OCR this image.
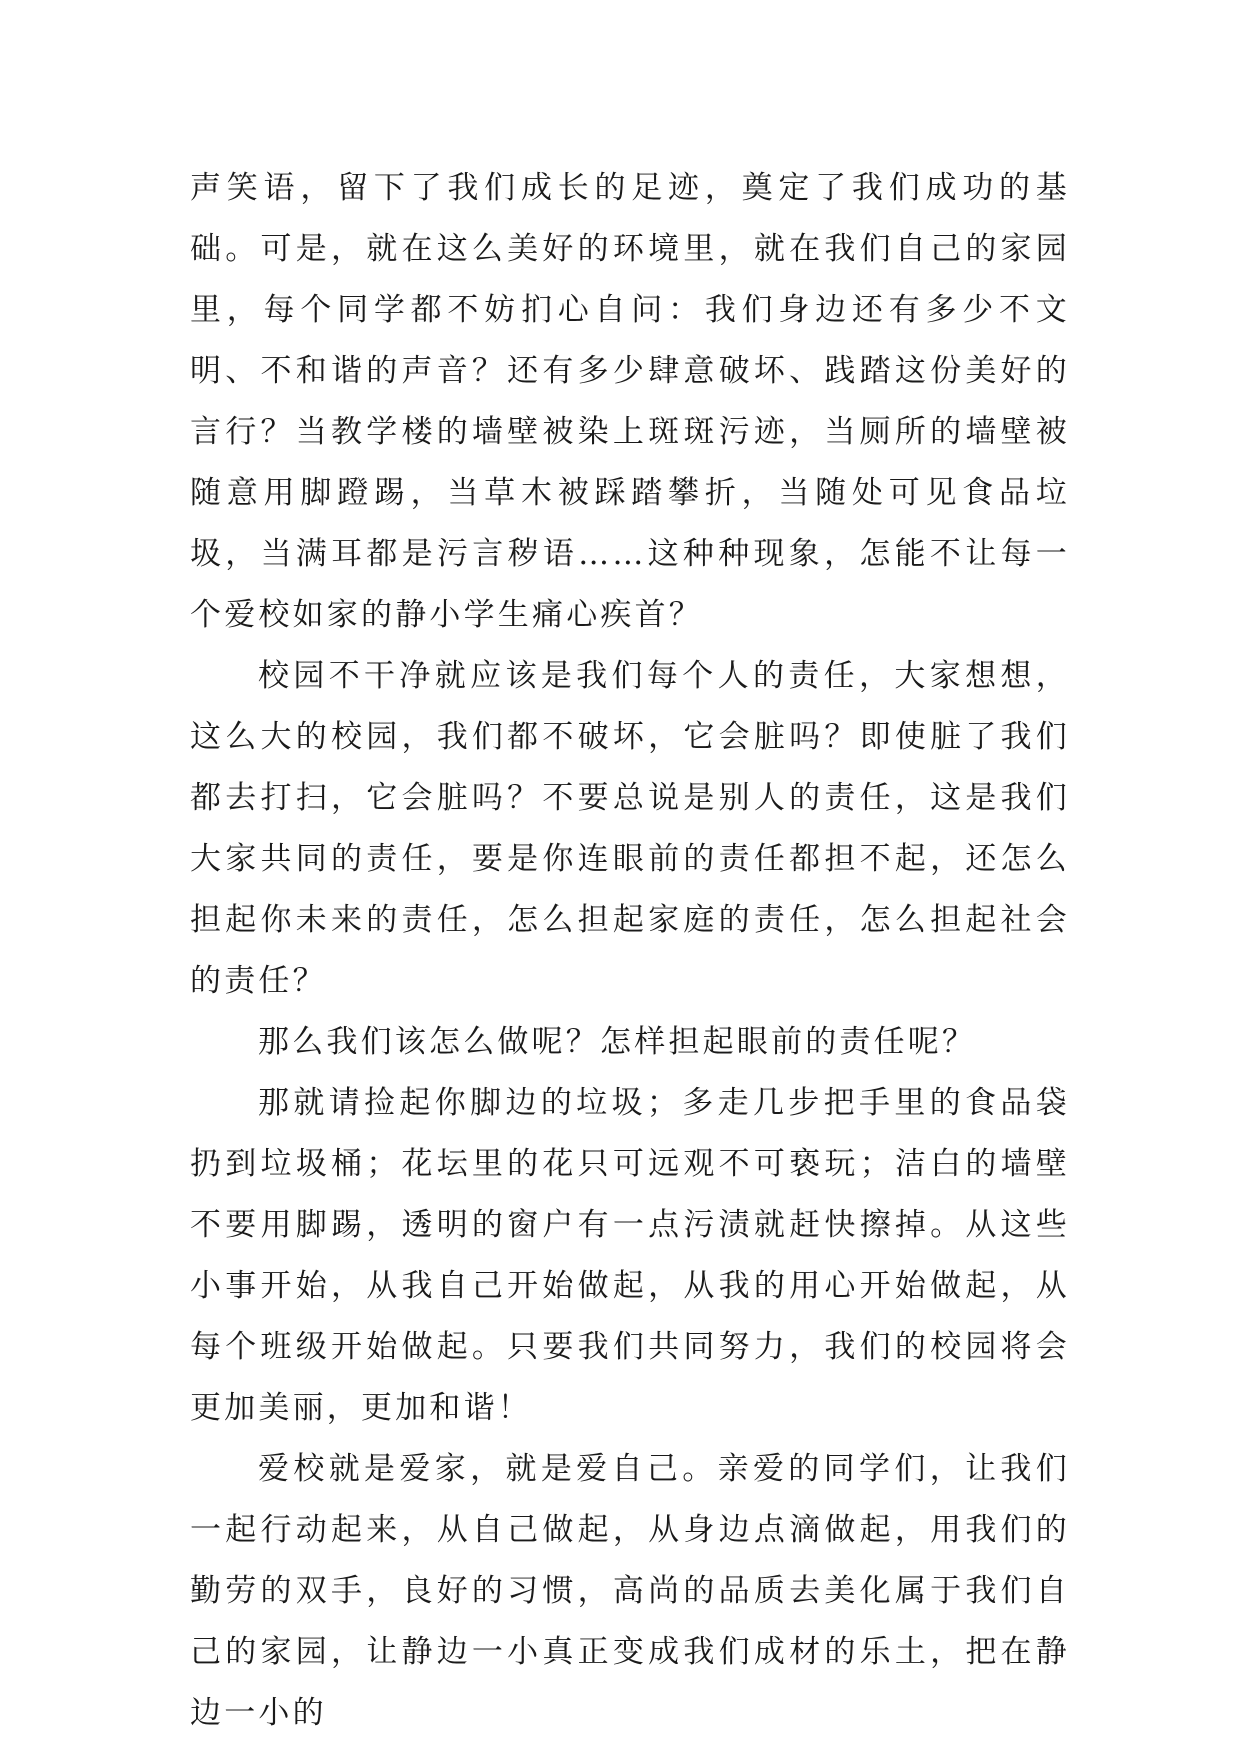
声笑语，留下了我们成长的足迹，奠定了我们成功的基础。可是，就在这么美好的环境里，就在我们自己的家园里，每个同学都不妨扪心自问：我们身边还有多少不文明、不和谐的声音？还有多少肆意破坏、践踏这份美好的言行？当教学楼的墙壁被染上斑斑污迹，当厕所的墙壁被随意用脚蹬踢，当草木被踩踏攀折，当随处可见食品垃圾，当满耳都是污言秽语……这种种现象，怎能不让每一个爱校如家的静小学生痛心疾首？

校园不干净就应该是我们每个人的责任，大家想想，这么大的校园，我们都不破坏，它会脏吗？即使脏了我们都去打扫，它会脏吗？不要总说是别人的责任，这是我们大家共同的责任，要是你连眼前的责任都担不起，还怎么担起你未来的责任，怎么担起家庭的责任，怎么担起社会的责任？

那么我们该怎么做呢？怎样担起眼前的责任呢？

那就请捡起你脚边的垃圾；多走几步把手里的食品袋扔到垃圾桶；花坛里的花只可远观不可亵玩；洁白的墙壁不要用脚踢，透明的窗户有一点污渍就赶快擦掉。从这些小事开始，从我自己开始做起，从我的用心开始做起，从每个班级开始做起。只要我们共同努力，我们的校园将会更加美丽，更加和谐！

爱校就是爱家，就是爱自己。亲爱的同学们，让我们一起行动起来，从自己做起，从身边点滴做起，用我们的勤劳的双手，良好的习惯，高尚的品质去美化属于我们自己的家园，让静边一小真正变成我们成材的乐土，把在静边一小的
